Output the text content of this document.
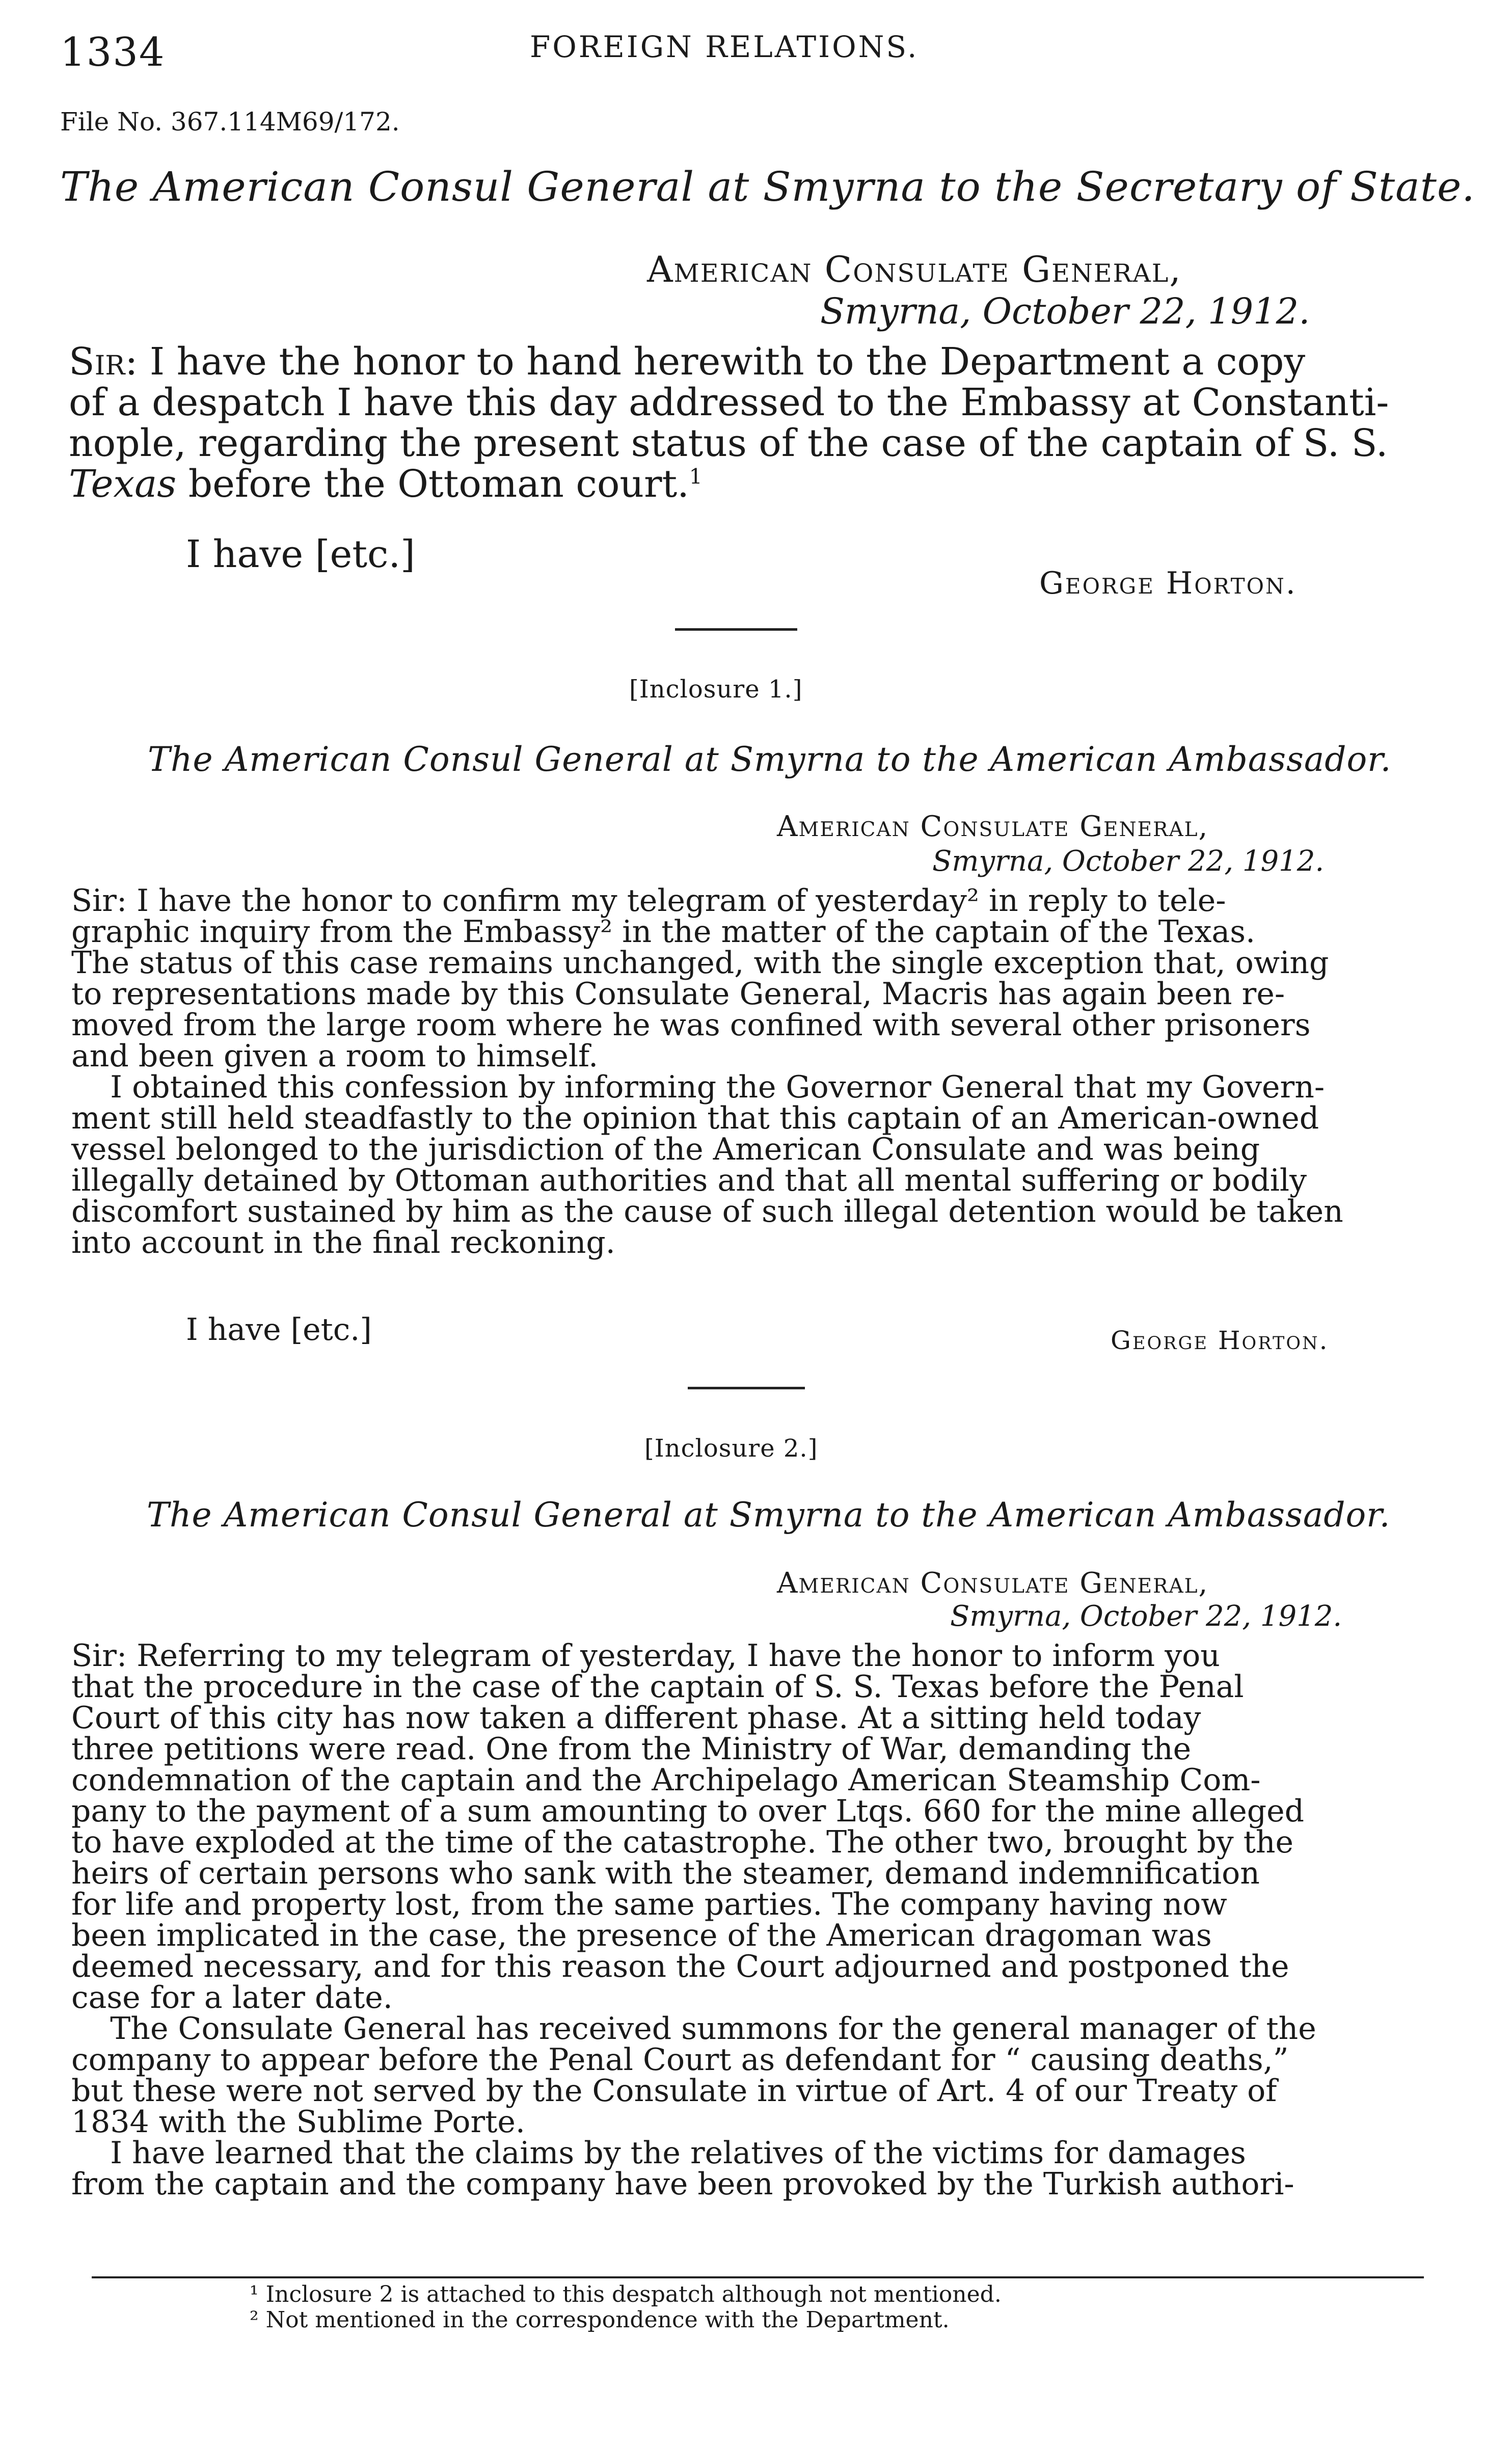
1334	FOREIGN RELATIONS.
File No. 367.114M69/172.
The American Consul General at Smyrna to the Secretary of State.
American Consulate General,
Smyrna, October 22, 1912.
Sir: I have the honor to hand herewith to the Department a copy
of a despatch I have this day addressed to the Embassy at Constanti-
nople, regarding the present status of the case of the captain of S. S.
Texas before the Ottoman court.$^1$
I have [etc.]
George Horton.
[Inclosure 1.]
The American Consul General at Smyrna to the American Ambassador.
American Consulate General,
Smyrna, October 22, 1912.
Sir: I have the honor to confirm my telegram of yesterday² in reply to tele-
graphic inquiry from the Embassy² in the matter of the captain of the Texas.
The status of this case remains unchanged, with the single exception that, owing
to representations made by this Consulate General, Macris has again been re-
moved from the large room where he was confined with several other prisoners
and been given a room to himself.
I obtained this confession by informing the Governor General that my Govern-
ment still held steadfastly to the opinion that this captain of an American-owned
vessel belonged to the jurisdiction of the American Consulate and was being
illegally detained by Ottoman authorities and that all mental suffering or bodily
discomfort sustained by him as the cause of such illegal detention would be taken
into account in the final reckoning.
I have [etc.]	George Horton.
[Inclosure 2.]
The American Consul General at Smyrna to the American Ambassador.
American Consulate General,
Smyrna, October 22, 1912.
Sir: Referring to my telegram of yesterday, I have the honor to inform you
that the procedure in the case of the captain of S. S. Texas before the Penal
Court of this city has now taken a different phase. At a sitting held today
three petitions were read. One from the Ministry of War, demanding the
condemnation of the captain and the Archipelago American Steamship Com-
pany to the payment of a sum amounting to over Ltqs. 660 for the mine alleged
to have exploded at the time of the catastrophe. The other two, brought by the
heirs of certain persons who sank with the steamer, demand indemnification
for life and property lost, from the same parties. The company having now
been implicated in the case, the presence of the American dragoman was
deemed necessary, and for this reason the Court adjourned and postponed the
case for a later date.
The Consulate General has received summons for the general manager of the
company to appear before the Penal Court as defendant for “ causing deaths,”
but these were not served by the Consulate in virtue of Art. 4 of our Treaty of
1834 with the Sublime Porte.
I have learned that the claims by the relatives of the victims for damages
from the captain and the company have been provoked by the Turkish authori-
¹ Inclosure 2 is attached to this despatch although not mentioned.
² Not mentioned in the correspondence with the Department.
